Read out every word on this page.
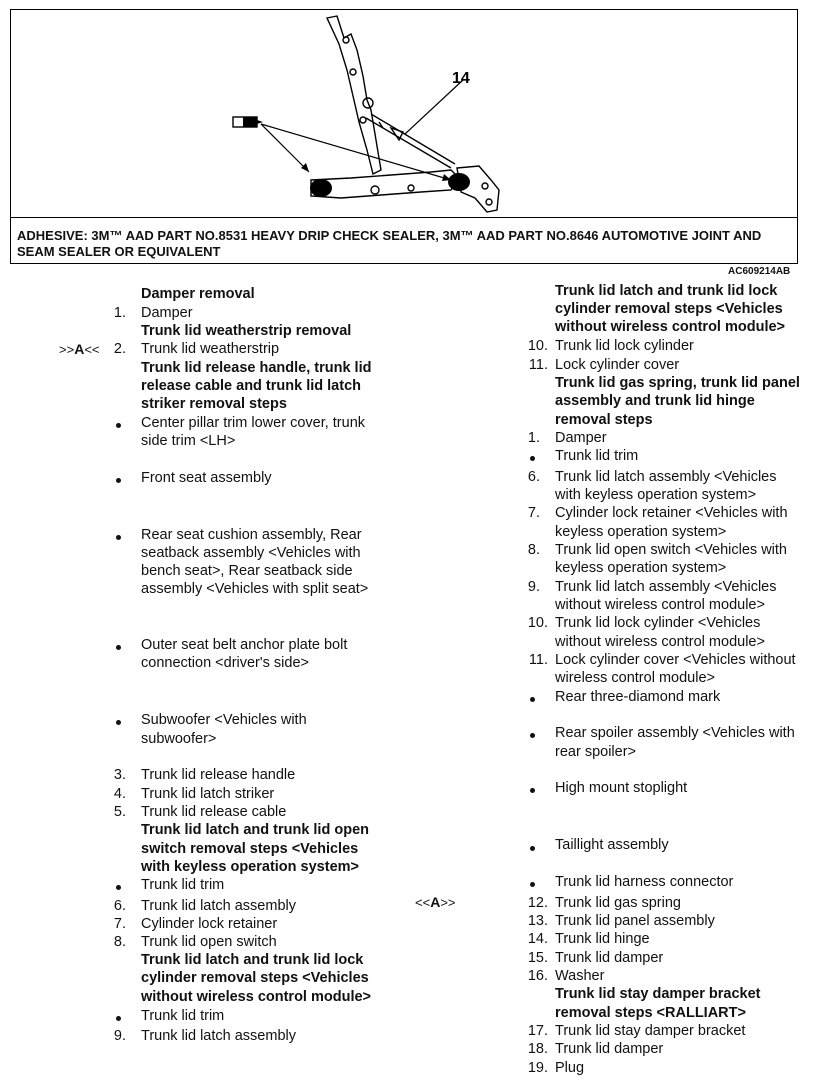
14
ADHESIVE: 3M™ AAD PART NO.8531 HEAVY DRIP CHECK SEALER, 3M™ AAD PART NO.8646 AUTOMOTIVE JOINT AND SEAM SEALER OR EQUIVALENT
AC609214AB
Damper removal
1. Damper
Trunk lid weatherstrip removal
>>A<< 2. Trunk lid weatherstrip
Trunk lid release handle, trunk lid
release cable and trunk lid latch
striker removal steps
Center pillar trim lower cover, trunk
side trim <LH>
Front seat assembly
Rear seat cushion assembly, Rear
seatback assembly <Vehicles with
bench seat>, Rear seatback side
assembly <Vehicles with split seat>
Outer seat belt anchor plate bolt
connection <driver's side>
Subwoofer <Vehicles with
subwoofer>
3. Trunk lid release handle
4. Trunk lid latch striker
5. Trunk lid release cable
Trunk lid latch and trunk lid open
switch removal steps <Vehicles
with keyless operation system>
Trunk lid trim
6. Trunk lid latch assembly
7. Cylinder lock retainer
8. Trunk lid open switch
Trunk lid latch and trunk lid lock
cylinder removal steps <Vehicles
without wireless control module>
Trunk lid trim
9. Trunk lid latch assembly
Trunk lid latch and trunk lid lock
cylinder removal steps <Vehicles
without wireless control module>
10. Trunk lid lock cylinder
11. Lock cylinder cover
Trunk lid gas spring, trunk lid panel
assembly and trunk lid hinge
removal steps
1. Damper
Trunk lid trim
6. Trunk lid latch assembly <Vehicles
with keyless operation system>
7. Cylinder lock retainer <Vehicles with
keyless operation system>
8. Trunk lid open switch <Vehicles with
keyless operation system>
9. Trunk lid latch assembly <Vehicles
without wireless control module>
10. Trunk lid lock cylinder <Vehicles
without wireless control module>
11. Lock cylinder cover <Vehicles without
wireless control module>
Rear three-diamond mark
Rear spoiler assembly <Vehicles with
rear spoiler>
High mount stoplight
Taillight assembly
Trunk lid harness connector
<<A>>	12. Trunk lid gas spring
13. Trunk lid panel assembly
14. Trunk lid hinge
15. Trunk lid damper
16. Washer
Trunk lid stay damper bracket
removal steps <RALLIART>
17. Trunk lid stay damper bracket
18. Trunk lid damper
19. Plug
